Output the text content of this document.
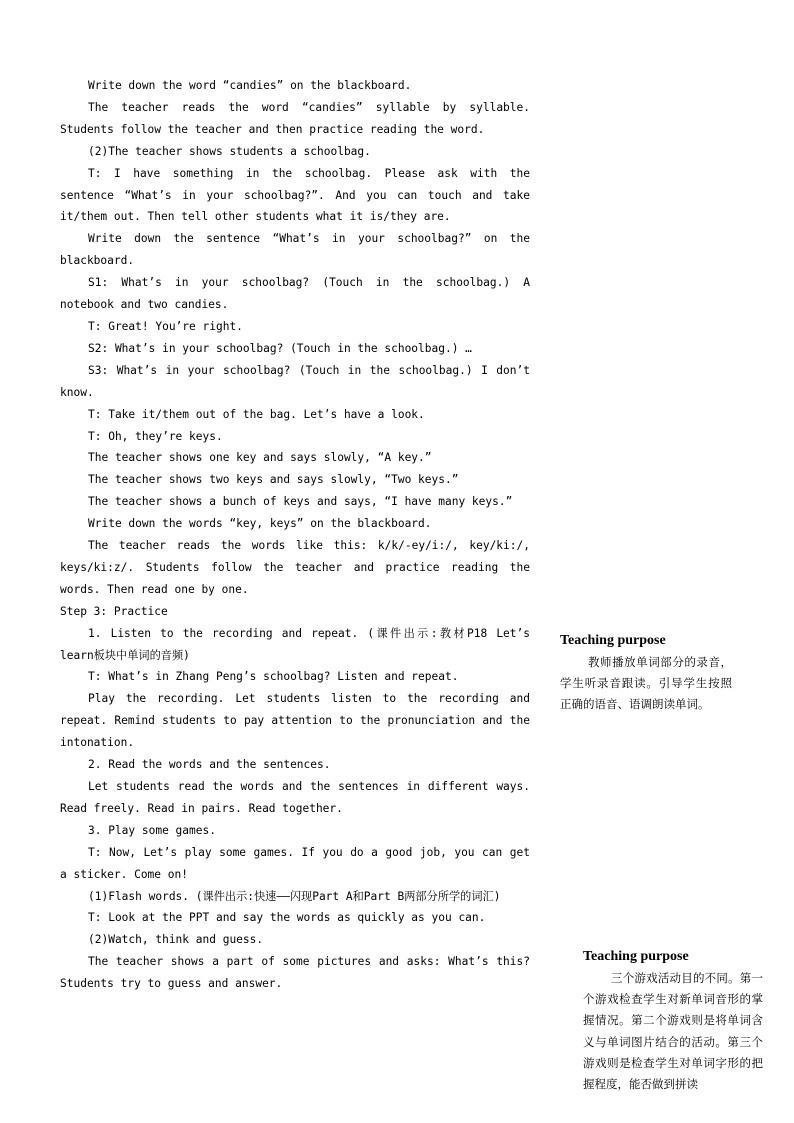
Write down the word “candies” on the blackboard.

The teacher reads the word “candies” syllable by syllable. Students follow the teacher and then practice reading the word.

(2)The teacher shows students a schoolbag.

T: I have something in the schoolbag. Please ask with the sentence “What’s in your schoolbag?”. And you can touch and take it/them out. Then tell other students what it is/they are.

Write down the sentence “What’s in your schoolbag?” on the blackboard.

S1: What’s in your schoolbag? (Touch in the schoolbag.) A notebook and two candies.

T: Great! You’re right.

S2: What’s in your schoolbag? (Touch in the schoolbag.) …

S3: What’s in your schoolbag? (Touch in the schoolbag.) I don’t know.

T: Take it/them out of the bag. Let’s have a look.

T: Oh, they’re keys.

The teacher shows one key and says slowly, “A key.”

The teacher shows two keys and says slowly, “Two keys.”

The teacher shows a bunch of keys and says, “I have many keys.”

Write down the words “key, keys” on the blackboard.

The teacher reads the words like this: k/k/-ey/i:/, key/ki:/, keys/ki:z/. Students follow the teacher and practice reading the words. Then read one by one.

Step 3: Practice

1. Listen to the recording and repeat. (课件出示:教材P18 Let’s learn板块中单词的音频)

T: What’s in Zhang Peng’s schoolbag? Listen and repeat.

Play the recording. Let students listen to the recording and repeat. Remind students to pay attention to the pronunciation and the intonation.

2. Read the words and the sentences.

Let students read the words and the sentences in different ways. Read freely. Read in pairs. Read together.

3. Play some games.

T: Now, Let’s play some games. If you do a good job, you can get a sticker. Come on!

(1)Flash words. (课件出示:快速——闪现Part A和Part B两部分所学的词汇)

T: Look at the PPT and say the words as quickly as you can.

(2)Watch, think and guess.

The teacher shows a part of some pictures and asks: What’s this? Students try to guess and answer.

Teaching purpose

教师播放单词部分的录音，学生听录音跟读。引导学生按照正确的语音、语调朗读单词。

Teaching purpose

三个游戏活动目的不同。第一个游戏检查学生对新单词音形的掌握情况。第二个游戏则是将单词含义与单词图片结合的活动。第三个游戏则是检查学生对单词字形的把握程度，能否做到拼读
